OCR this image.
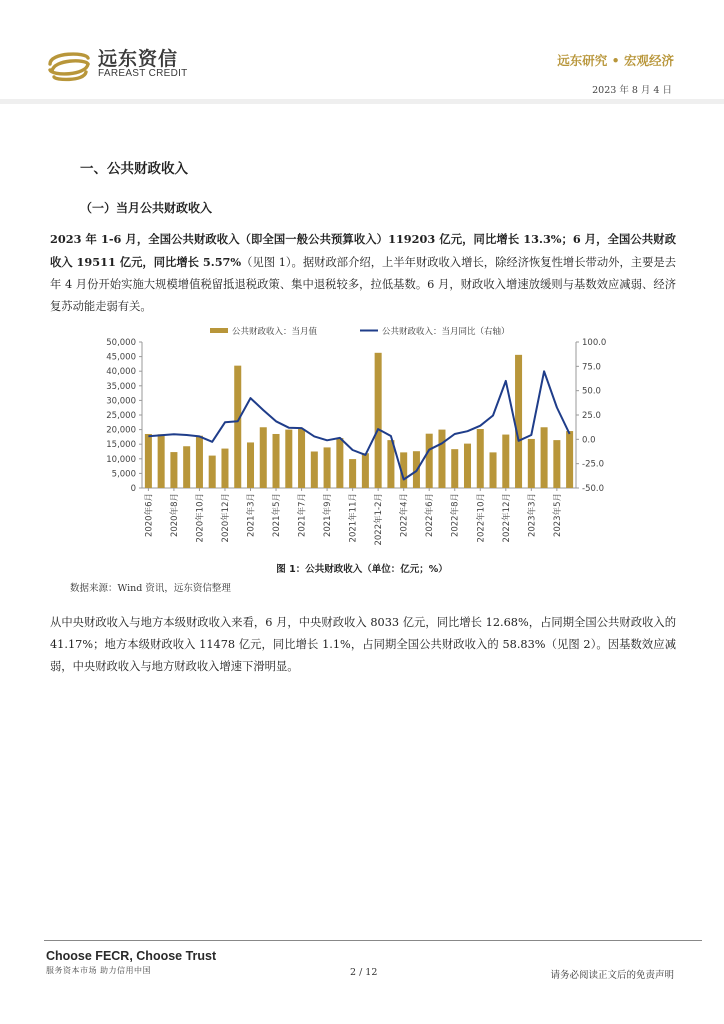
远东资信
FAREAST CREDIT
远东研究 • 宏观经济
2023 年 8 月 4 日
一、公共财政收入
（一）当月公共财政收入
2023 年 1-6 月，全国公共财政收入（即全国一般公共预算收入）119203 亿元，同比增长 13.3%；6 月，全国公共财政收入 19511 亿元，同比增长 5.57%（见图 1）。据财政部介绍，上半年财政收入增长，除经济恢复性增长带动外，主要是去年 4 月份开始实施大规模增值税留抵退税政策、集中退税较多，拉低基数。6 月，财政收入增速放缓则与基数效应减弱、经济复苏动能走弱有关。
0
5,000
10,000
15,000
20,000
25,000
30,000
35,000
40,000
45,000
50,000
-50.0
-25.0
0.0
25.0
50.0
75.0
100.0
2020年6月 2020年8月 2020年10月 2020年12月 2021年3月 2021年5月 2021年7月 2021年9月 2021年11月 2022年1-2月 2022年4月 2022年6月 2022年8月 2022年10月 2022年12月 2023年3月 2023年5月
公共财政收入：当月值	公共财政收入：当月同比（右轴）
图 1：公共财政收入（单位：亿元；%）
数据来源：Wind 资讯，远东资信整理
从中央财政收入与地方本级财政收入来看，6 月，中央财政收入 8033 亿元，同比增长 12.68%，占同期全国公共财政收入的 41.17%；地方本级财政收入 11478 亿元，同比增长 1.1%，占同期全国公共财政收入的 58.83%（见图 2）。因基数效应减弱，中央财政收入与地方财政收入增速下滑明显。
Choose FECR, Choose Trust
服务资本市场 助力信用中国	2 / 12	请务必阅读正文后的免责声明
